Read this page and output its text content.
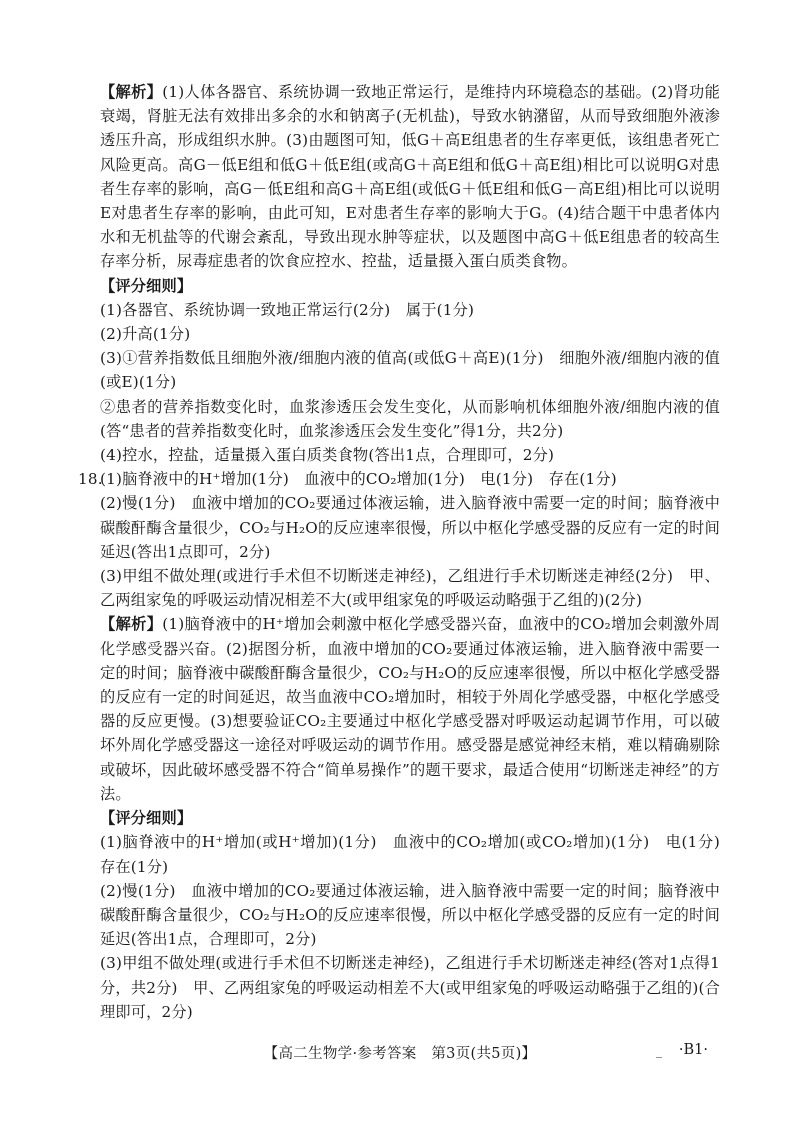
【解析】(1)人体各器官、系统协调一致地正常运行，是维持内环境稳态的基础。(2)肾功能衰竭，肾脏无法有效排出多余的水和钠离子(无机盐)，导致水钠潴留，从而导致细胞外液渗透压升高，形成组织水肿。(3)由题图可知，低G＋高E组患者的生存率更低，该组患者死亡风险更高。高G－低E组和低G＋低E组(或高G＋高E组和低G＋高E组)相比可以说明G对患者生存率的影响，高G－低E组和高G＋高E组(或低G＋低E组和低G－高E组)相比可以说明E对患者生存率的影响，由此可知，E对患者生存率的影响大于G。(4)结合题干中患者体内水和无机盐等的代谢会紊乱，导致出现水肿等症状，以及题图中高G＋低E组患者的较高生存率分析，尿毒症患者的饮食应控水、控盐，适量摄入蛋白质类食物。

【评分细则】

(1)各器官、系统协调一致地正常运行(2分)　属于(1分)

(2)升高(1分)

(3)①营养指数低且细胞外液/细胞内液的值高(或低G＋高E)(1分)　细胞外液/细胞内液的值(或E)(1分)

②患者的营养指数变化时，血浆渗透压会发生变化，从而影响机体细胞外液/细胞内液的值(答“患者的营养指数变化时，血浆渗透压会发生变化”得1分，共2分)

(4)控水，控盐，适量摄入蛋白质类食物(答出1点，合理即可，2分)

18.(1)脑脊液中的H⁺增加(1分)　血液中的CO₂增加(1分)　电(1分)　存在(1分)

(2)慢(1分)　血液中增加的CO₂要通过体液运输，进入脑脊液中需要一定的时间；脑脊液中碳酸酐酶含量很少，CO₂与H₂O的反应速率很慢，所以中枢化学感受器的反应有一定的时间延迟(答出1点即可，2分)

(3)甲组不做处理(或进行手术但不切断迷走神经)，乙组进行手术切断迷走神经(2分)　甲、乙两组家兔的呼吸运动情况相差不大(或甲组家兔的呼吸运动略强于乙组的)(2分)

【解析】(1)脑脊液中的H⁺增加会刺激中枢化学感受器兴奋，血液中的CO₂增加会刺激外周化学感受器兴奋。(2)据图分析，血液中增加的CO₂要通过体液运输，进入脑脊液中需要一定的时间；脑脊液中碳酸酐酶含量很少，CO₂与H₂O的反应速率很慢，所以中枢化学感受器的反应有一定的时间延迟，故当血液中CO₂增加时，相较于外周化学感受器，中枢化学感受器的反应更慢。(3)想要验证CO₂主要通过中枢化学感受器对呼吸运动起调节作用，可以破坏外周化学感受器这一途径对呼吸运动的调节作用。感受器是感觉神经末梢，难以精确剔除或破坏，因此破坏感受器不符合“简单易操作”的题干要求，最适合使用“切断迷走神经”的方法。

【评分细则】

(1)脑脊液中的H⁺增加(或H⁺增加)(1分)　血液中的CO₂增加(或CO₂增加)(1分)　电(1分)　存在(1分)

(2)慢(1分)　血液中增加的CO₂要通过体液运输，进入脑脊液中需要一定的时间；脑脊液中碳酸酐酶含量很少，CO₂与H₂O的反应速率很慢，所以中枢化学感受器的反应有一定的时间延迟(答出1点，合理即可，2分)

(3)甲组不做处理(或进行手术但不切断迷走神经)，乙组进行手术切断迷走神经(答对1点得1分，共2分)　甲、乙两组家兔的呼吸运动相差不大(或甲组家兔的呼吸运动略强于乙组的)(合理即可，2分)

【高二生物学·参考答案　第3页(共5页)】	_ ·B1·
